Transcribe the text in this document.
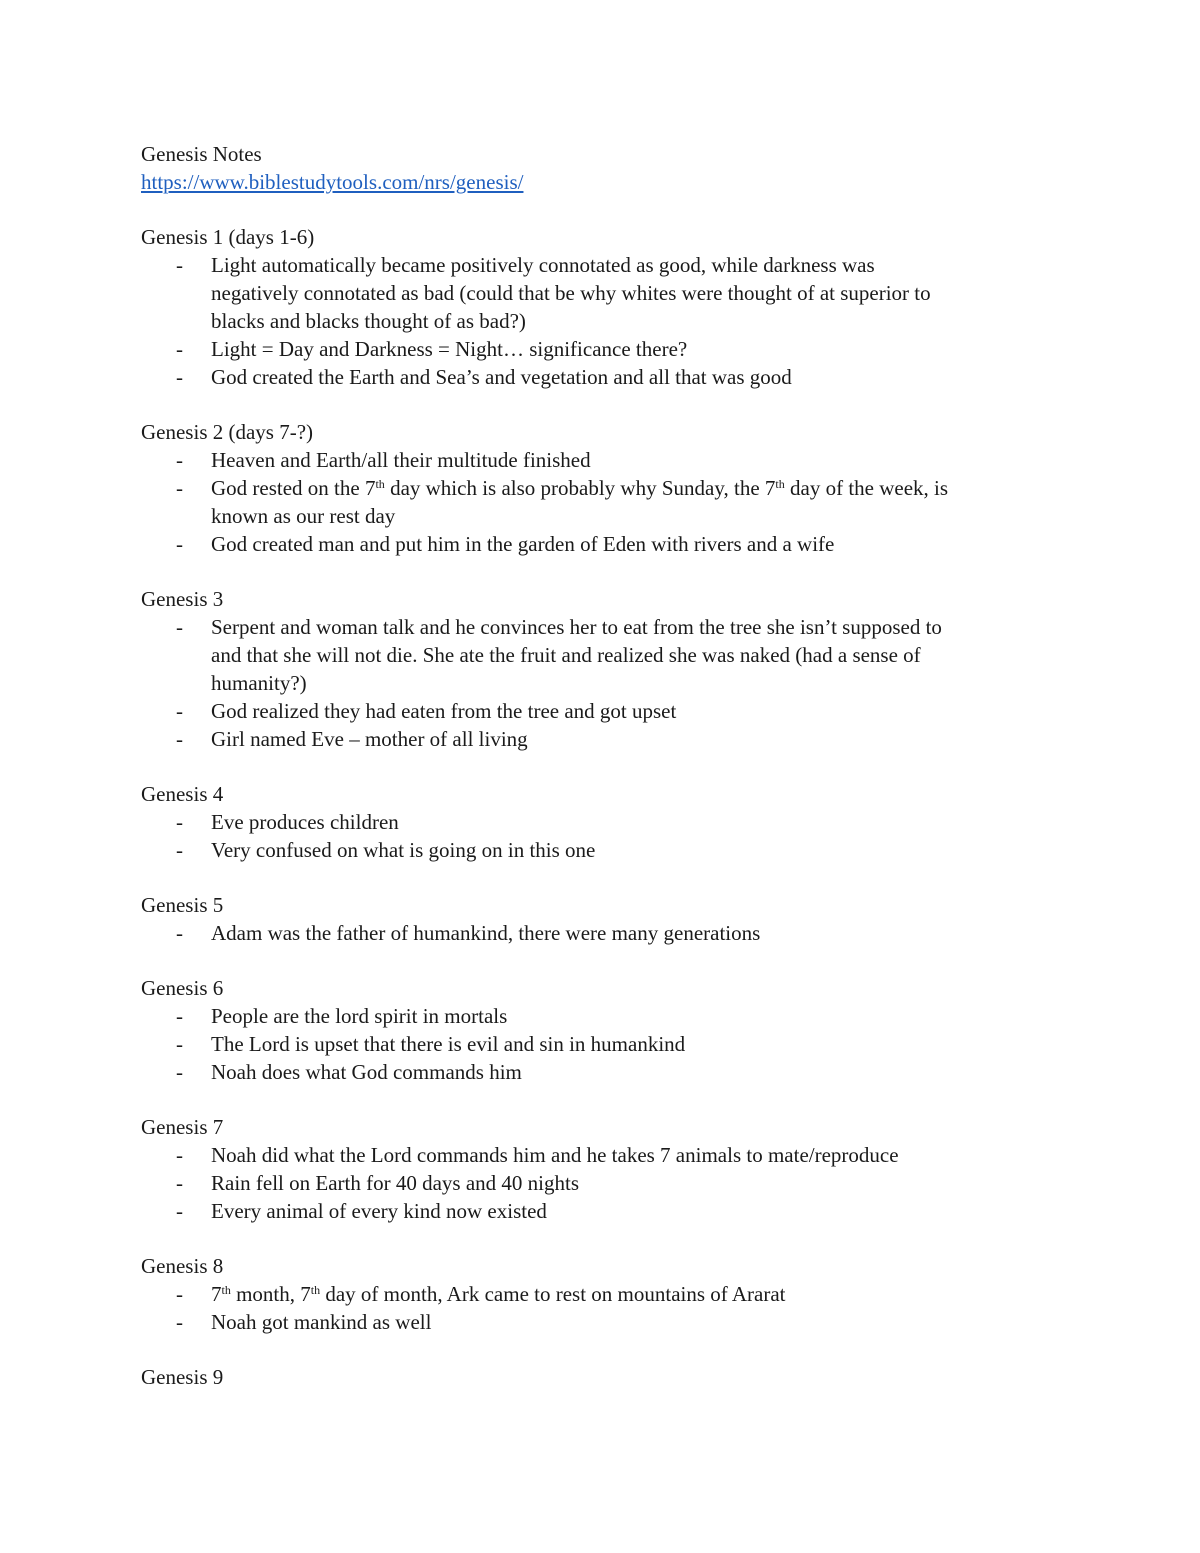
Genesis Notes
https://www.biblestudytools.com/nrs/genesis/
Genesis 1 (days 1-6)
- Light automatically became positively connotated as good, while darkness was
negatively connotated as bad (could that be why whites were thought of at superior to
blacks and blacks thought of as bad?)
- Light = Day and Darkness = Night… significance there?
- God created the Earth and Sea’s and vegetation and all that was good
Genesis 2 (days 7-?)
- Heaven and Earth/all their multitude finished
- God rested on the 7th day which is also probably why Sunday, the 7th day of the week, is
known as our rest day
- God created man and put him in the garden of Eden with rivers and a wife
Genesis 3
- Serpent and woman talk and he convinces her to eat from the tree she isn’t supposed to
and that she will not die. She ate the fruit and realized she was naked (had a sense of
humanity?)
- God realized they had eaten from the tree and got upset
- Girl named Eve – mother of all living
Genesis 4
- Eve produces children
- Very confused on what is going on in this one
Genesis 5
- Adam was the father of humankind, there were many generations
Genesis 6
- People are the lord spirit in mortals
- The Lord is upset that there is evil and sin in humankind
- Noah does what God commands him
Genesis 7
- Noah did what the Lord commands him and he takes 7 animals to mate/reproduce
- Rain fell on Earth for 40 days and 40 nights
- Every animal of every kind now existed
Genesis 8
- 7th month, 7th day of month, Ark came to rest on mountains of Ararat
- Noah got mankind as well
Genesis 9
